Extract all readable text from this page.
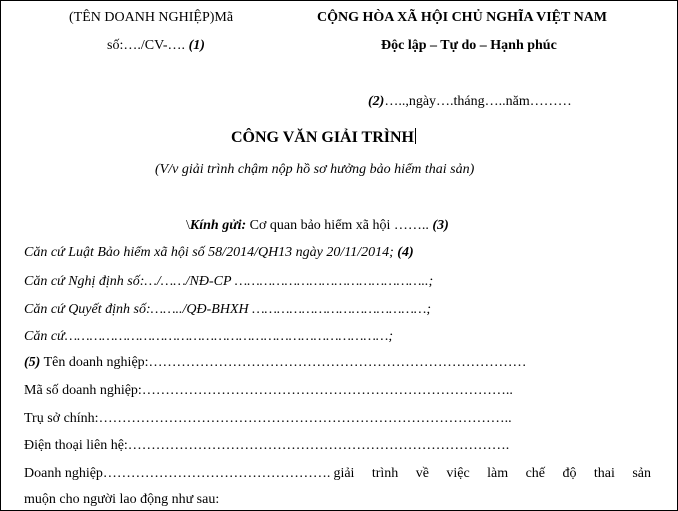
(TÊN DOANH NGHIỆP)Mã
số:…./CV-…. (1)
CỘNG HÒA XÃ HỘI CHỦ NGHĨA VIỆT NAM
Độc lập – Tự do – Hạnh phúc
(2)…..,ngày….tháng…..năm………
CÔNG VĂN GIẢI TRÌNH
(V/v giải trình chậm nộp hồ sơ hưởng bảo hiểm thai sản)
\Kính gửi: Cơ quan bảo hiểm xã hội …….. (3)
Căn cứ Luật Bảo hiểm xã hội số 58/2014/QH13 ngày 20/11/2014; (4)
Căn cứ Nghị định số:…/……/NĐ-CP ………………………………………..;
Căn cứ Quyết định số:……../QĐ-BHXH ……………………………………;
Căn cứ……………………………………………………………………;
(5) Tên doanh nghiệp:………………………………………………………………………
Mã số doanh nghiệp:……………………………………………………………………..
Trụ sở chính:……………………………………………………………………………..
Điện thoại liên hệ:……………………………………………………………………….
Doanh nghiệp…………………………………………. giải trình về việc làm chế độ thai sản
muộn cho người lao động như sau:
